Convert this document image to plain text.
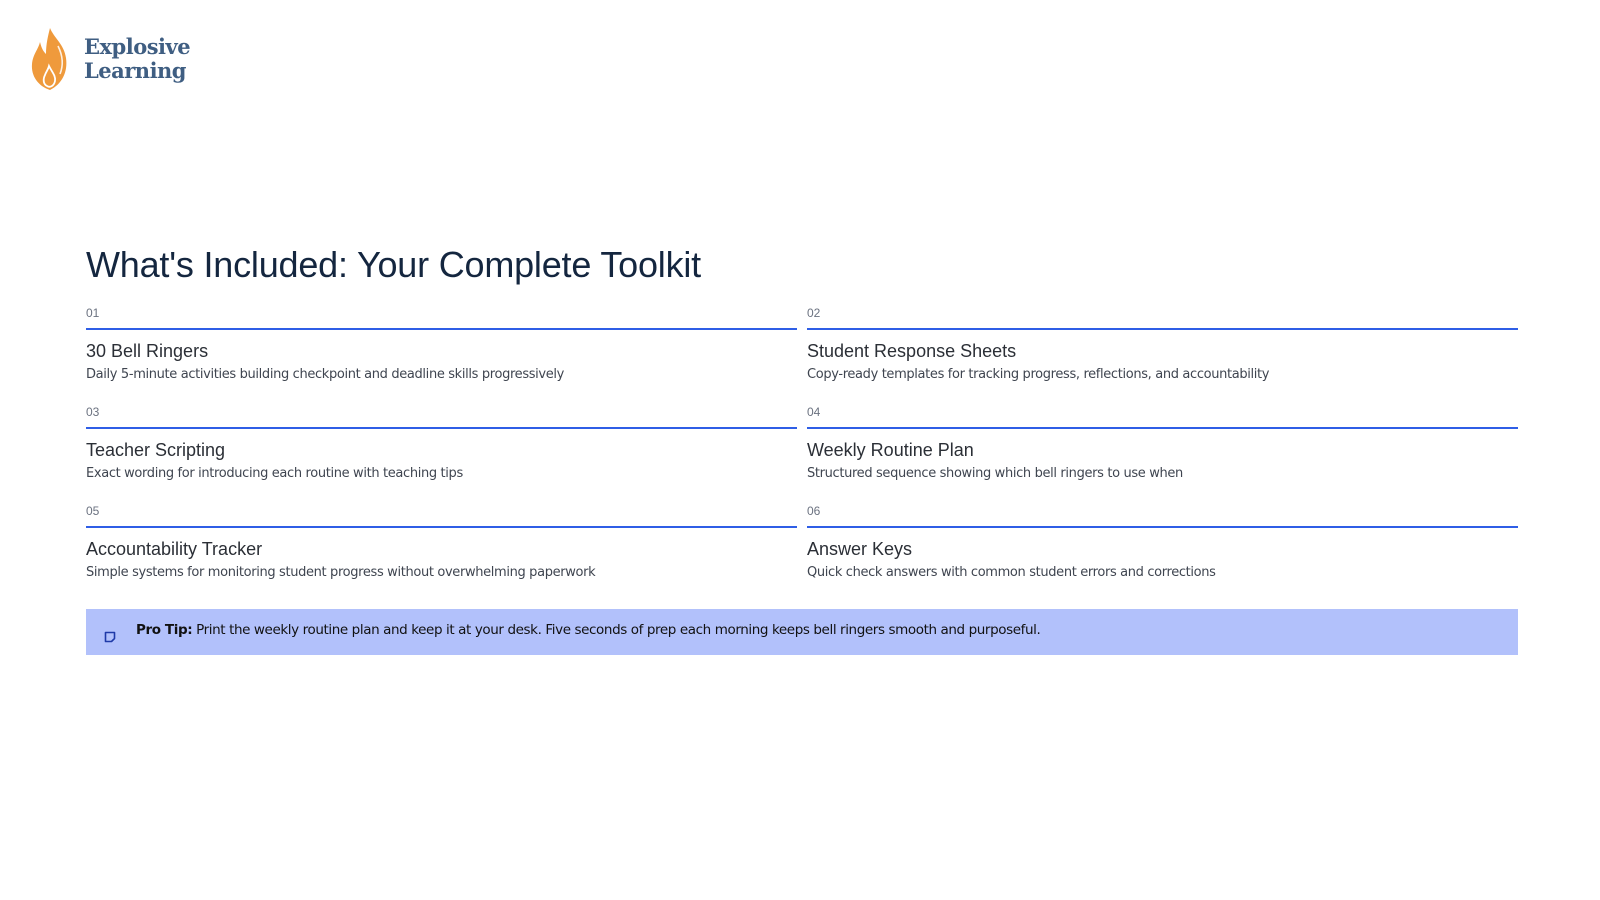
Explosive
Learning
What's Included: Your Complete Toolkit
01
30 Bell Ringers
Daily 5-minute activities building checkpoint and deadline skills progressively
02
Student Response Sheets
Copy-ready templates for tracking progress, reflections, and accountability
03
Teacher Scripting
Exact wording for introducing each routine with teaching tips
04
Weekly Routine Plan
Structured sequence showing which bell ringers to use when
05
Accountability Tracker
Simple systems for monitoring student progress without overwhelming paperwork
06
Answer Keys
Quick check answers with common student errors and corrections
Pro Tip: Print the weekly routine plan and keep it at your desk. Five seconds of prep each morning keeps bell ringers smooth and purposeful.
